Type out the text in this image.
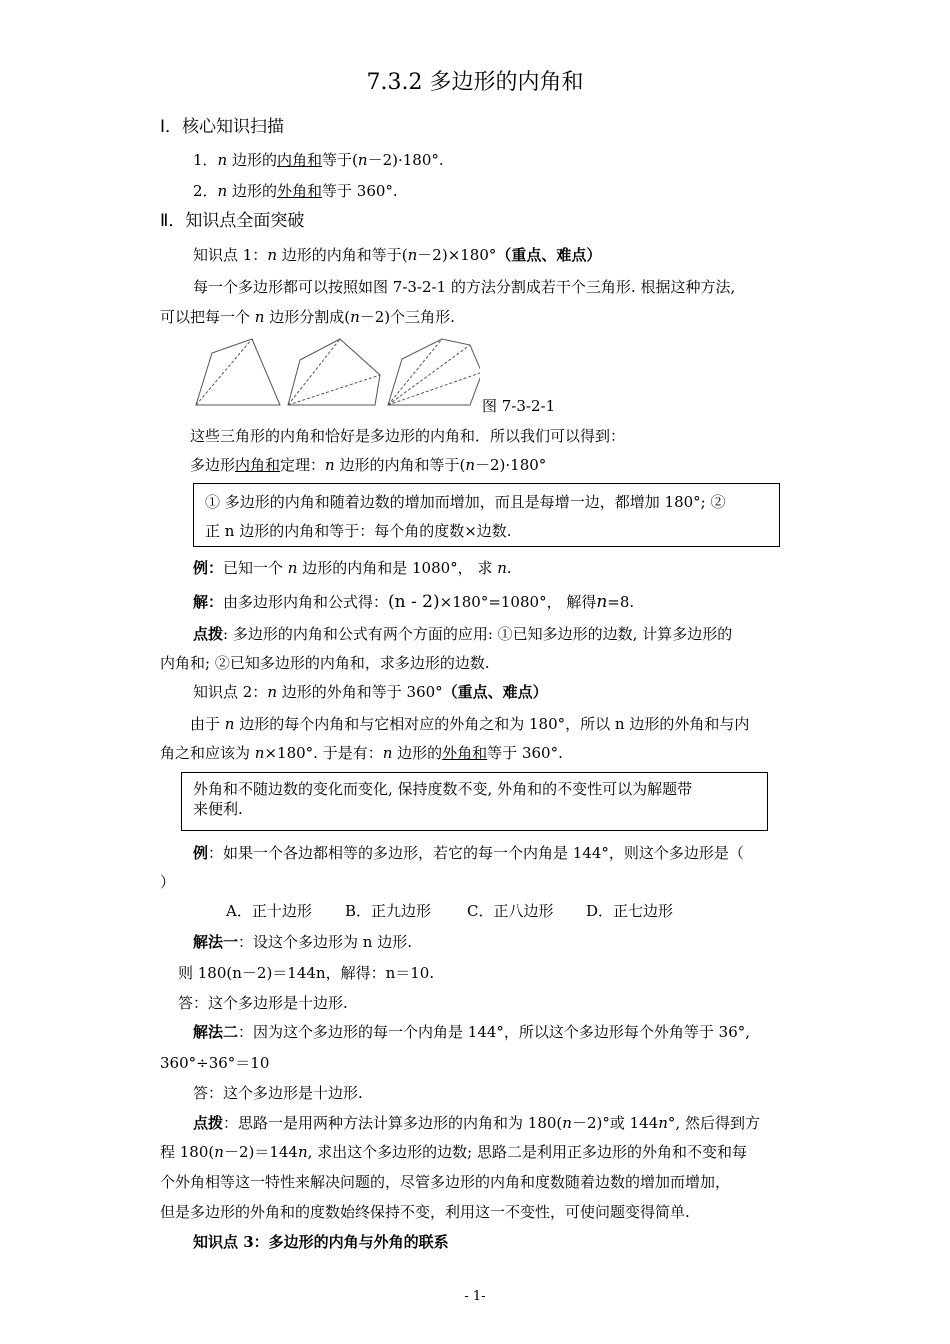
7.3.2 多边形的内角和
Ⅰ．核心知识扫描
1．n 边形的内角和等于(n－2)·180°.
2．n 边形的外角和等于 360°.
Ⅱ．知识点全面突破
知识点 1：n 边形的内角和等于(n－2)×180°（重点、难点）
每一个多边形都可以按照如图 7-3-2-1 的方法分割成若干个三角形. 根据这种方法,
可以把每一个 n 边形分割成(n－2)个三角形.
图 7-3-2-1
这些三角形的内角和恰好是多边形的内角和．所以我们可以得到：
多边形内角和定理：n 边形的内角和等于(n－2)·180°
① 多边形的内角和随着边数的增加而增加，而且是每增一边，都增加 180°; ②
正 n 边形的内角和等于：每个角的度数×边数.
例：已知一个 n 边形的内角和是 1080°， 求 n.
解：由多边形内角和公式得：(n - 2)×180°=1080°， 解得n=8.
点拨: 多边形的内角和公式有两个方面的应用: ①已知多边形的边数, 计算多边形的
内角和; ②已知多边形的内角和，求多边形的边数.
知识点 2：n 边形的外角和等于 360°（重点、难点）
由于 n 边形的每个内角和与它相对应的外角之和为 180°，所以 n 边形的外角和与内
角之和应该为 n×180°. 于是有：n 边形的外角和等于 360°.
外角和不随边数的变化而变化, 保持度数不变, 外角和的不变性可以为解题带
来便利.
例：如果一个各边都相等的多边形，若它的每一个内角是 144°，则这个多边形是（
）
A．正十边形 B．正九边形 C．正八边形 D．正七边形
解法一：设这个多边形为 n 边形.
则 180(n－2)＝144n，解得：n＝10.
答：这个多边形是十边形.
解法二：因为这个多边形的每一个内角是 144°，所以这个多边形每个外角等于 36°,
360°÷36°＝10
答：这个多边形是十边形.
点拨：思路一是用两种方法计算多边形的内角和为 180(n－2)°或 144n°, 然后得到方
程 180(n－2)＝144n, 求出这个多边形的边数; 思路二是利用正多边形的外角和不变和每
个外角相等这一特性来解决问题的，尽管多边形的内角和度数随着边数的增加而增加，
但是多边形的外角和的度数始终保持不变，利用这一不变性，可使问题变得简单.
知识点 3：多边形的内角与外角的联系
- 1-
